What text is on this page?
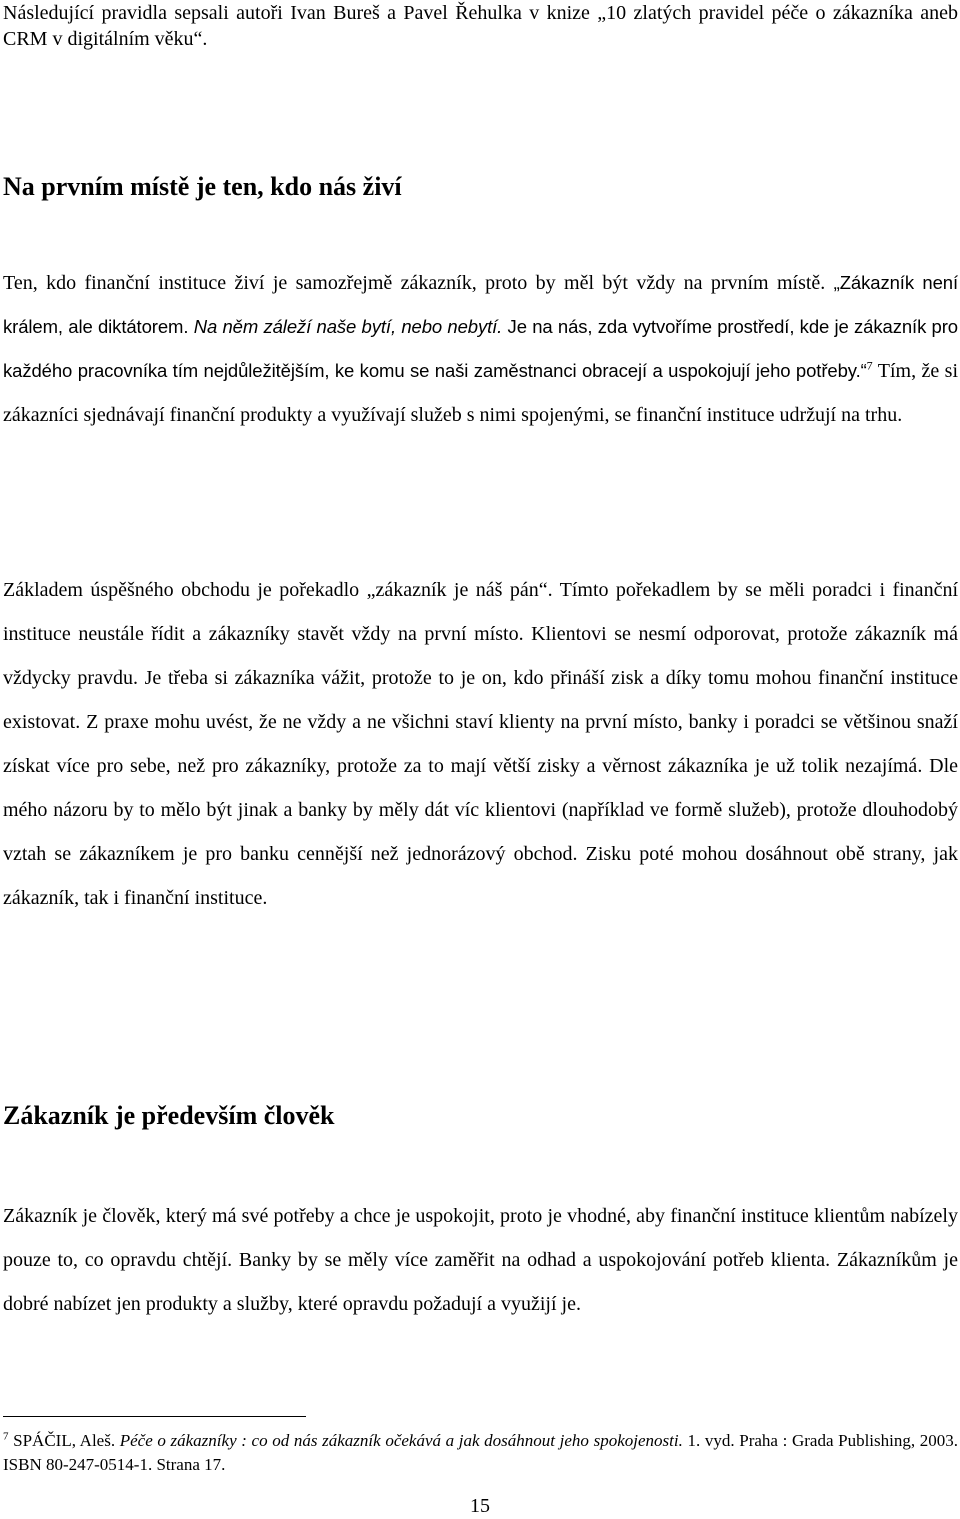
Následující pravidla sepsali autoři Ivan Bureš a Pavel Řehulka v knize „10 zlatých pravidel péče o zákazníka aneb CRM v digitálním věku“.

Na prvním místě je ten, kdo nás živí

Ten, kdo finanční instituce živí je samozřejmě zákazník, proto by měl být vždy na prvním místě. „Zákazník není králem, ale diktátorem. Na něm záleží naše bytí, nebo nebytí. Je na nás, zda vytvoříme prostředí, kde je zákazník pro každého pracovníka tím nejdůležitějším, ke komu se naši zaměstnanci obracejí a uspokojují jeho potřeby.“$^7$ Tím, že si zákazníci sjednávají finanční produkty a využívají služeb s nimi spojenými, se finanční instituce udržují na trhu.

Základem úspěšného obchodu je pořekadlo „zákazník je náš pán“. Tímto pořekadlem by se měli poradci i finanční instituce neustále řídit a zákazníky stavět vždy na první místo. Klientovi se nesmí odporovat, protože zákazník má vždycky pravdu. Je třeba si zákazníka vážit, protože to je on, kdo přináší zisk a díky tomu mohou finanční instituce existovat. Z praxe mohu uvést, že ne vždy a ne všichni staví klienty na první místo, banky i poradci se většinou snaží získat více pro sebe, než pro zákazníky, protože za to mají větší zisky a věrnost zákazníka je už tolik nezajímá. Dle mého názoru by to mělo být jinak a banky by měly dát víc klientovi (například ve formě služeb), protože dlouhodobý vztah se zákazníkem je pro banku cennější než jednorázový obchod. Zisku poté mohou dosáhnout obě strany, jak zákazník, tak i finanční instituce.

Zákazník je především člověk

Zákazník je člověk, který má své potřeby a chce je uspokojit, proto je vhodné, aby finanční instituce klientům nabízely pouze to, co opravdu chtějí. Banky by se měly více zaměřit na odhad a uspokojování potřeb klienta. Zákazníkům je dobré nabízet jen produkty a služby, které opravdu požadují a využijí je.

$^7$ SPÁČIL, Aleš. Péče o zákazníky : co od nás zákazník očekává a jak dosáhnout jeho spokojenosti. 1. vyd. Praha : Grada Publishing, 2003. ISBN 80-247-0514-1. Strana 17.

15
